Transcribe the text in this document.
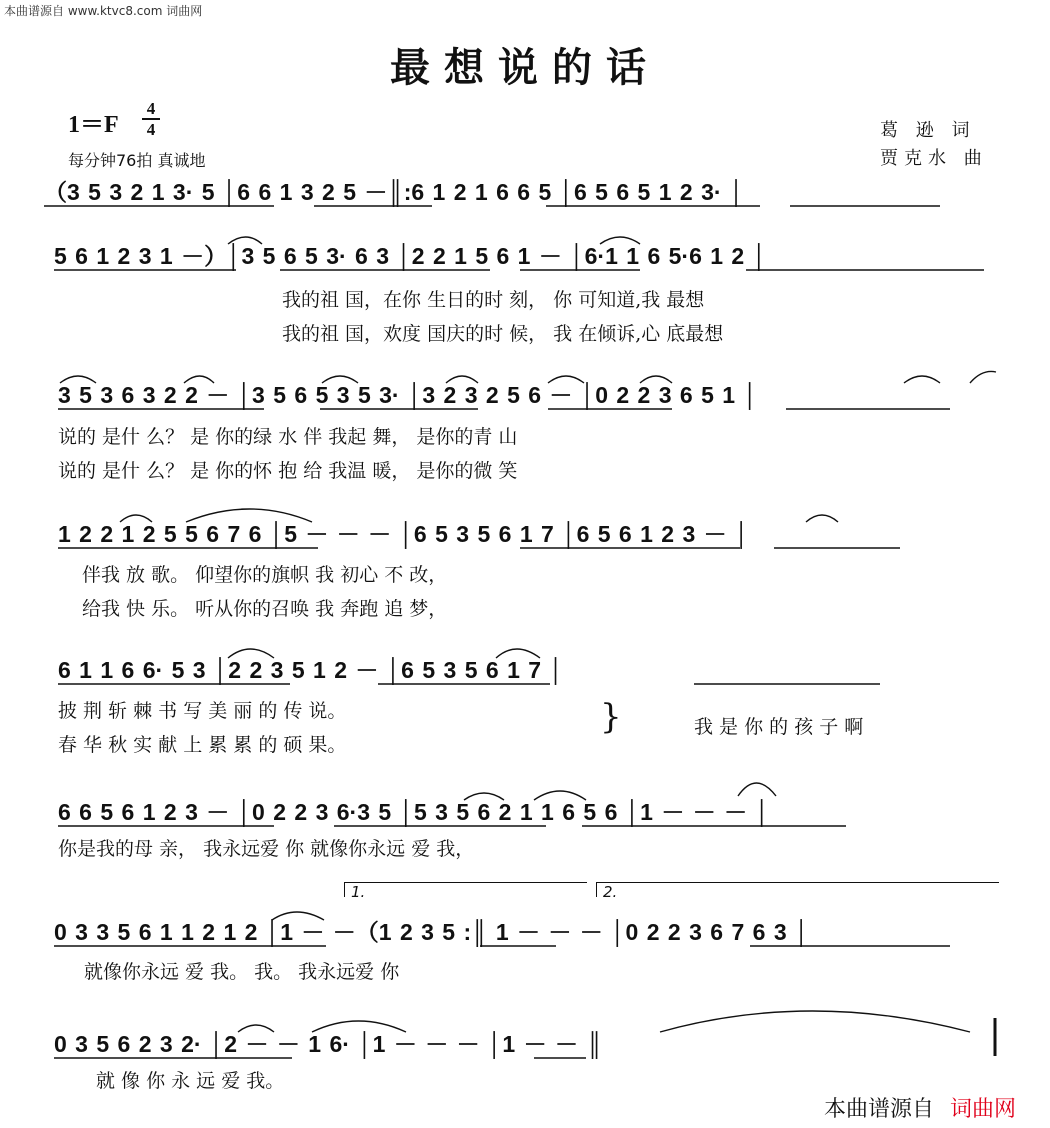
本曲谱源自 www.ktvc8.com 词曲网
最想说的话
1＝F
4
4
每分钟76拍 真诚地
葛 逊 词
贾克水 曲
（3 5 3 2 1 3· 5 │6 6 1 3 2 5 －║:6 1 2 1 6 6 5 │6 5 6 5 1 2 3· │
5 6 1 2 3 1 －）│3 5 6 5 3· 6 3 │2 2 1 5 6 1 － │6·1 1 6 5·6 1 2 │
我的祖 国，在你 生日的时 刻， 你 可知道,我 最想
我的祖 国，欢度 国庆的时 候， 我 在倾诉,心 底最想
3 5 3 6 3 2 2 － │3 5 6 5 3 5 3· │3 2 3 2 5 6 － │0 2 2 3 6 5 1 │
说的 是什 么？ 是 你的绿 水 伴 我起 舞， 是你的青 山
说的 是什 么？ 是 你的怀 抱 给 我温 暖， 是你的微 笑
1 2 2 1 2 5 5 6 7 6 │5 － － － │6 5 3 5 6 1 7 │6 5 6 1 2 3 － │
伴我 放 歌。 仰望你的旗帜 我 初心 不 改，
给我 快 乐。 听从你的召唤 我 奔跑 追 梦，
6 1 1 6 6· 5 3 │2 2 3 5 1 2 － │6 5 3 5 6 1 7 │
披 荆 斩 棘 书 写 美 丽 的 传 说。
春 华 秋 实 献 上 累 累 的 硕 果。
}	我 是 你 的 孩 子 啊
6 6 5 6 1 2 3 － │0 2 2 3 6·3 5 │5 3 5 6 2 1 1 6 5 6 │1 － － － │
你是我的母 亲， 我永远爱 你 就像你永远 爱 我，
1.	2.
0 3 3 5 6 1 1 2 1 2 │1 － －（1 2 3 5 :║ 1 － － － │0 2 2 3 6 7 6 3 │
就像你永远 爱 我。 我。 我永远爱 你
0 3 5 6 2 3 2· │2 － － 1 6· │1 － － － │1 － － ║
就 像 你 永 远 爱 我。
本曲谱源自 词曲网
